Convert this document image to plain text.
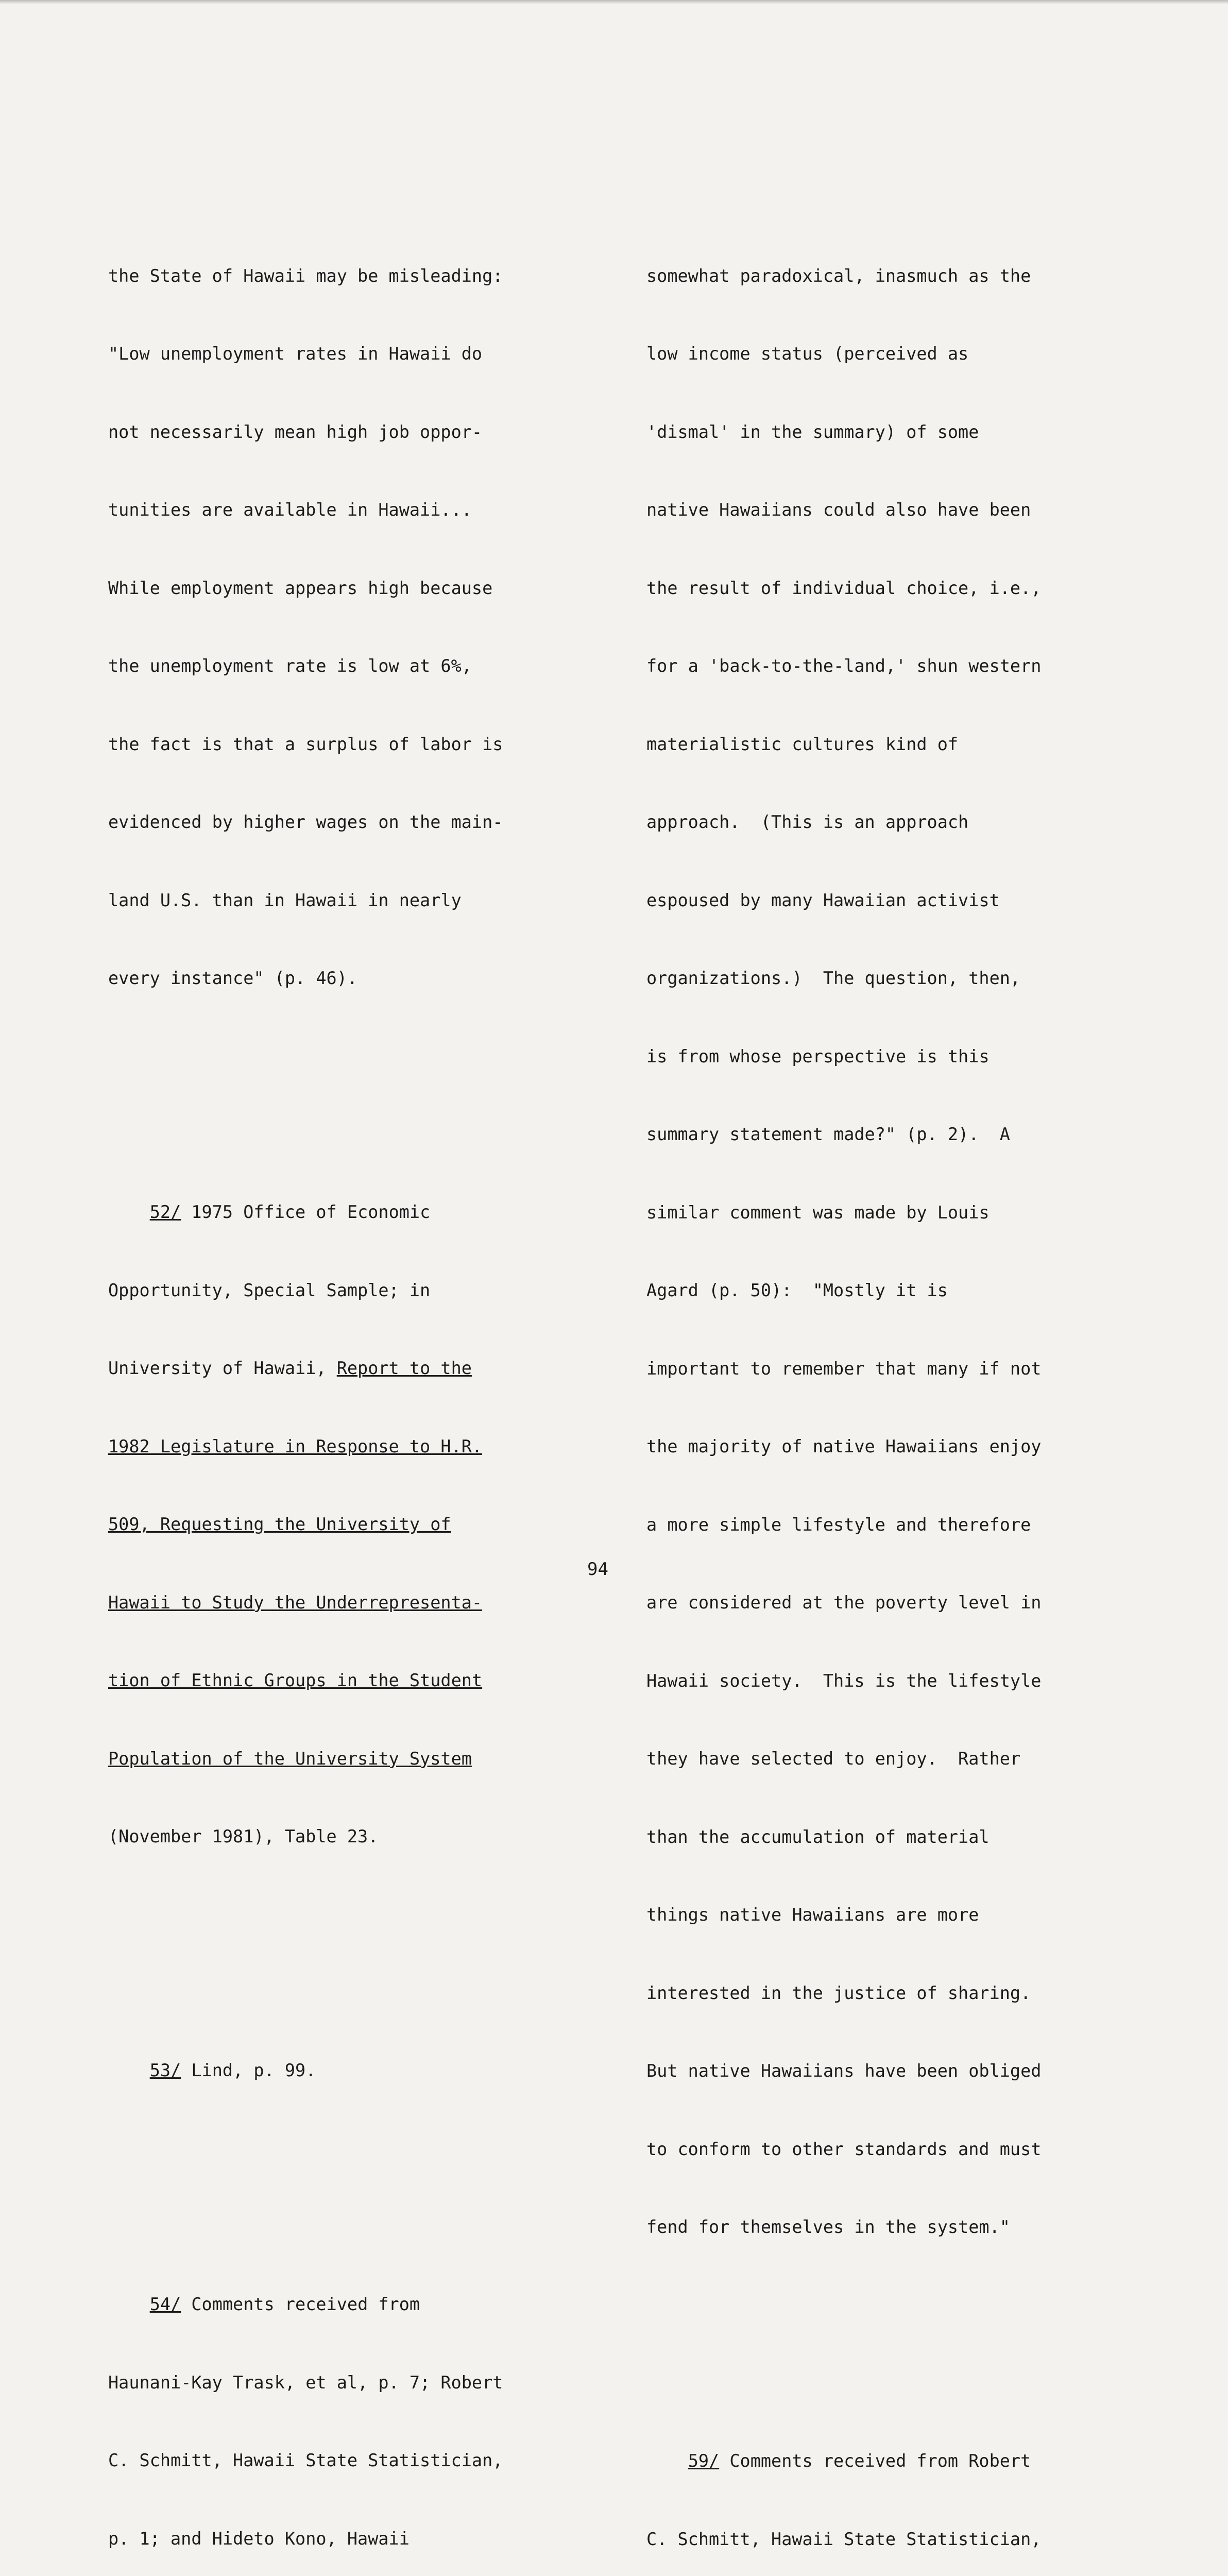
the State of Hawaii may be misleading:

"Low unemployment rates in Hawaii do

not necessarily mean high job oppor-

tunities are available in Hawaii...

While employment appears high because

the unemployment rate is low at 6%,

the fact is that a surplus of labor is

evidenced by higher wages on the main-

land U.S. than in Hawaii in nearly

every instance" (p. 46).

52/ 1975 Office of Economic

Opportunity, Special Sample; in

University of Hawaii, Report to the

1982 Legislature in Response to H.R.

509, Requesting the University of

Hawaii to Study the Underrepresenta-

tion of Ethnic Groups in the Student

Population of the University System

(November 1981), Table 23.

53/ Lind, p. 99.

54/ Comments received from

Haunani-Kay Trask, et al, p. 7; Robert

C. Schmitt, Hawaii State Statistician,

p. 1; and Hideto Kono, Hawaii

somewhat paradoxical, inasmuch as the

low income status (perceived as

'dismal' in the summary) of some

native Hawaiians could also have been

the result of individual choice, i.e.,

for a 'back-to-the-land,' shun western

materialistic cultures kind of

approach.  (This is an approach

espoused by many Hawaiian activist

organizations.)  The question, then,

is from whose perspective is this

summary statement made?" (p. 2).  A

similar comment was made by Louis

Agard (p. 50):  "Mostly it is

important to remember that many if not

the majority of native Hawaiians enjoy

a more simple lifestyle and therefore

are considered at the poverty level in

Hawaii society.  This is the lifestyle

they have selected to enjoy.  Rather

than the accumulation of material

things native Hawaiians are more

interested in the justice of sharing.

But native Hawaiians have been obliged

to conform to other standards and must

fend for themselves in the system."

59/ Comments received from Robert

C. Schmitt, Hawaii State Statistician,

94
